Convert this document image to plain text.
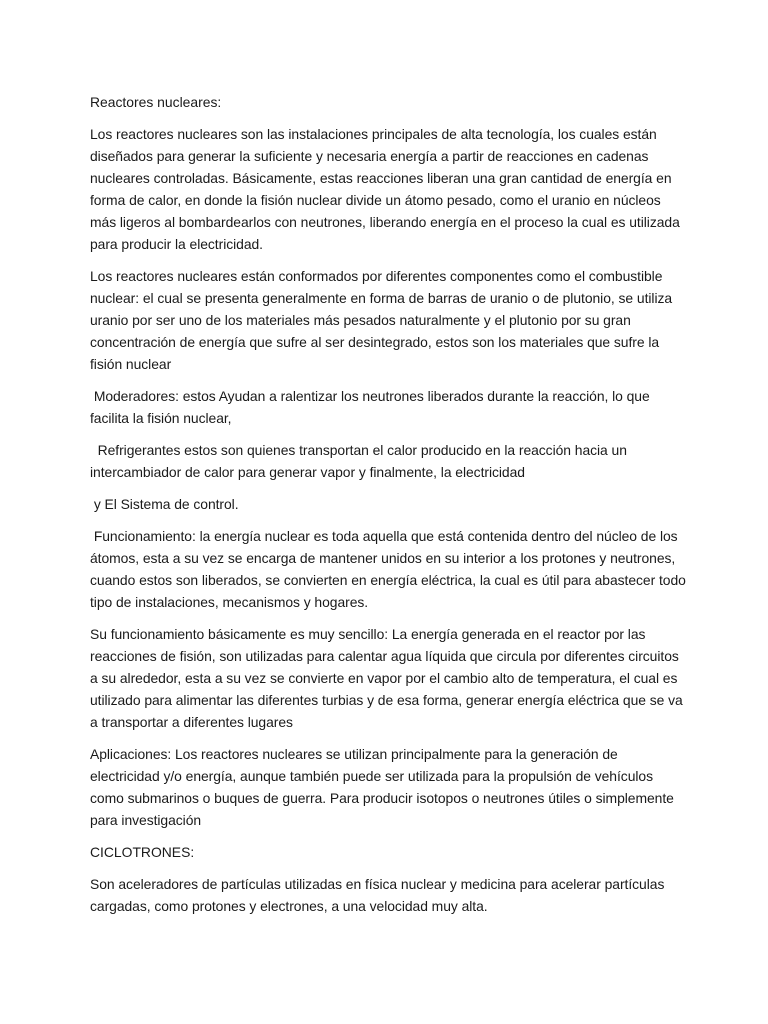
Reactores nucleares:

Los reactores nucleares son las instalaciones principales de alta tecnología, los cuales están diseñados para generar la suficiente y necesaria energía a partir de reacciones en cadenas nucleares controladas. Básicamente, estas reacciones liberan una gran cantidad de energía en forma de calor, en donde la fisión nuclear divide un átomo pesado, como el uranio en núcleos más ligeros al bombardearlos con neutrones, liberando energía en el proceso la cual es utilizada para producir la electricidad.

Los reactores nucleares están conformados por diferentes componentes como el combustible nuclear: el cual se presenta generalmente en forma de barras de uranio o de plutonio, se utiliza uranio por ser uno de los materiales más pesados naturalmente y el plutonio por su gran concentración de energía que sufre al ser desintegrado, estos son los materiales que sufre la fisión nuclear

Moderadores: estos Ayudan a ralentizar los neutrones liberados durante la reacción, lo que facilita la fisión nuclear,

Refrigerantes estos son quienes transportan el calor producido en la reacción hacia un intercambiador de calor para generar vapor y finalmente, la electricidad

y El Sistema de control.

Funcionamiento: la energía nuclear es toda aquella que está contenida dentro del núcleo de los átomos, esta a su vez se encarga de mantener unidos en su interior a los protones y neutrones, cuando estos son liberados, se convierten en energía eléctrica, la cual es útil para abastecer todo tipo de instalaciones, mecanismos y hogares.

Su funcionamiento básicamente es muy sencillo: La energía generada en el reactor por las reacciones de fisión, son utilizadas para calentar agua líquida que circula por diferentes circuitos a su alrededor, esta a su vez se convierte en vapor por el cambio alto de temperatura, el cual es utilizado para alimentar las diferentes turbias y de esa forma, generar energía eléctrica que se va a transportar a diferentes lugares

Aplicaciones: Los reactores nucleares se utilizan principalmente para la generación de electricidad y/o energía, aunque también puede ser utilizada para la propulsión de vehículos como submarinos o buques de guerra. Para producir isotopos o neutrones útiles o simplemente para investigación

CICLOTRONES:

Son aceleradores de partículas utilizadas en física nuclear y medicina para acelerar partículas cargadas, como protones y electrones, a una velocidad muy alta.
